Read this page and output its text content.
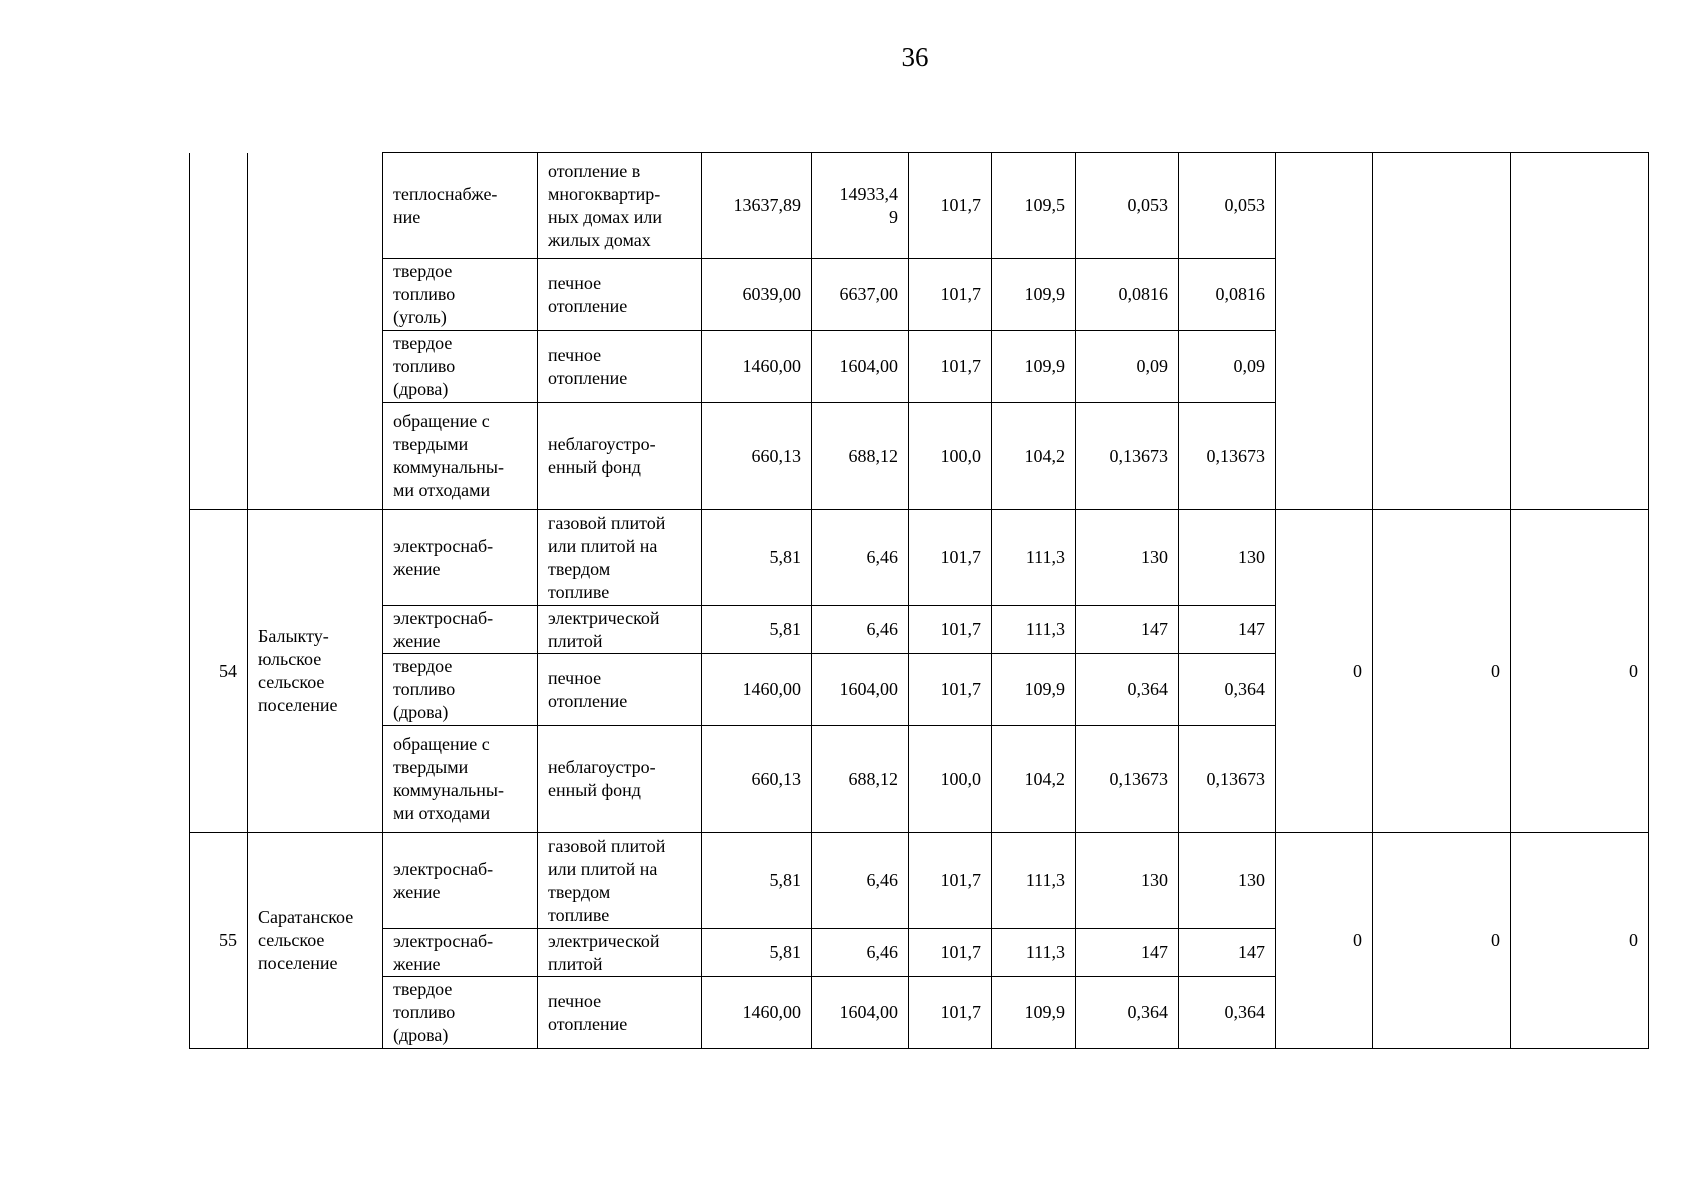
36
		теплоснабже-
ние	отопление в
многоквартир-
ных домах или
жилых домах	13637,89	14933,4
9	101,7	109,5	0,053	0,053			
		твердое
топливо
(уголь)	печное
отопление	6039,00	6637,00	101,7	109,9	0,0816	0,0816			
		твердое
топливо
(дрова)	печное
отопление	1460,00	1604,00	101,7	109,9	0,09	0,09			
		обращение с
твердыми
коммунальны-
ми отходами	неблагоустро-
енный фонд	660,13	688,12	100,0	104,2	0,13673	0,13673			
54	Балыкту-
юльское
сельское
поселение	электроснаб-
жение	газовой плитой
или плитой на
твердом
топливе	5,81	6,46	101,7	111,3	130	130	0	0	0
		электроснаб-
жение	электрической
плитой	5,81	6,46	101,7	111,3	147	147			
		твердое
топливо
(дрова)	печное
отопление	1460,00	1604,00	101,7	109,9	0,364	0,364			
		обращение с
твердыми
коммунальны-
ми отходами	неблагоустро-
енный фонд	660,13	688,12	100,0	104,2	0,13673	0,13673			
55	Саратанское
сельское
поселение	электроснаб-
жение	газовой плитой
или плитой на
твердом
топливе	5,81	6,46	101,7	111,3	130	130	0	0	0
		электроснаб-
жение	электрической
плитой	5,81	6,46	101,7	111,3	147	147			
		твердое
топливо
(дрова)	печное
отопление	1460,00	1604,00	101,7	109,9	0,364	0,364			
